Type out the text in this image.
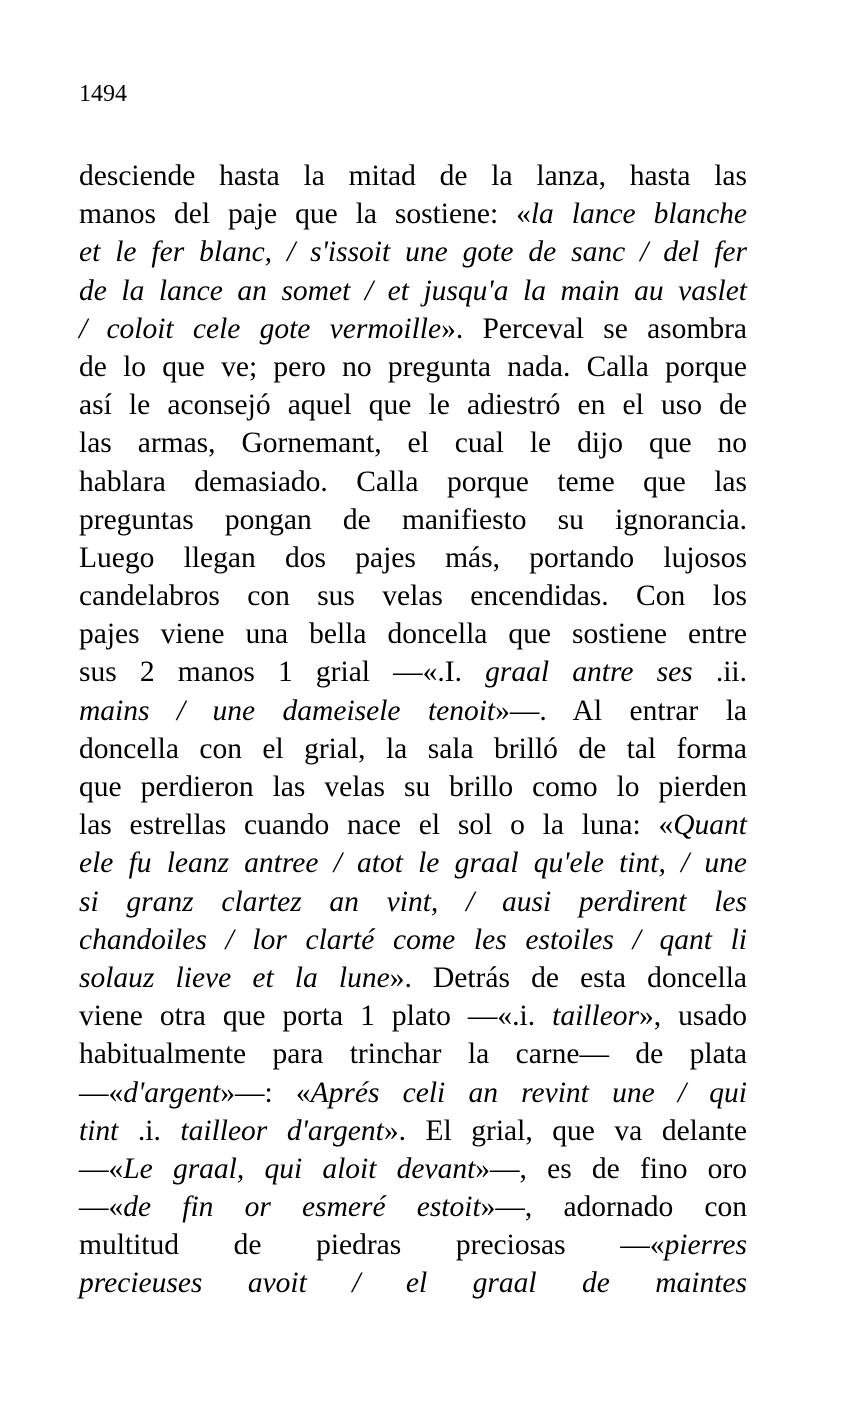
1494
desciende hasta la mitad de la lanza, hasta las
manos del paje que la sostiene: «la lance blanche
et le fer blanc, / s'issoit une gote de sanc / del fer
de la lance an somet / et jusqu'a la main au vaslet
/ coloit cele gote vermoille». Perceval se asombra
de lo que ve; pero no pregunta nada. Calla porque
así le aconsejó aquel que le adiestró en el uso de
las armas, Gornemant, el cual le dijo que no
hablara demasiado. Calla porque teme que las
preguntas pongan de manifiesto su ignorancia.
Luego llegan dos pajes más, portando lujosos
candelabros con sus velas encendidas. Con los
pajes viene una bella doncella que sostiene entre
sus 2 manos 1 grial —«.I. graal antre ses .ii.
mains / une dameisele tenoit»—. Al entrar la
doncella con el grial, la sala brilló de tal forma
que perdieron las velas su brillo como lo pierden
las estrellas cuando nace el sol o la luna: «Quant
ele fu leanz antree / atot le graal qu'ele tint, / une
si granz clartez an vint, / ausi perdirent les
chandoiles / lor clarté come les estoiles / qant li
solauz lieve et la lune». Detrás de esta doncella
viene otra que porta 1 plato —«.i. tailleor», usado
habitualmente para trinchar la carne— de plata
—«d'argent»—: «Aprés celi an revint une / qui
tint .i. tailleor d'argent». El grial, que va delante
—«Le graal, qui aloit devant»—, es de fino oro
—«de fin or esmeré estoit»—, adornado con
multitud de piedras preciosas —«pierres
precieuses avoit / el graal de maintes
